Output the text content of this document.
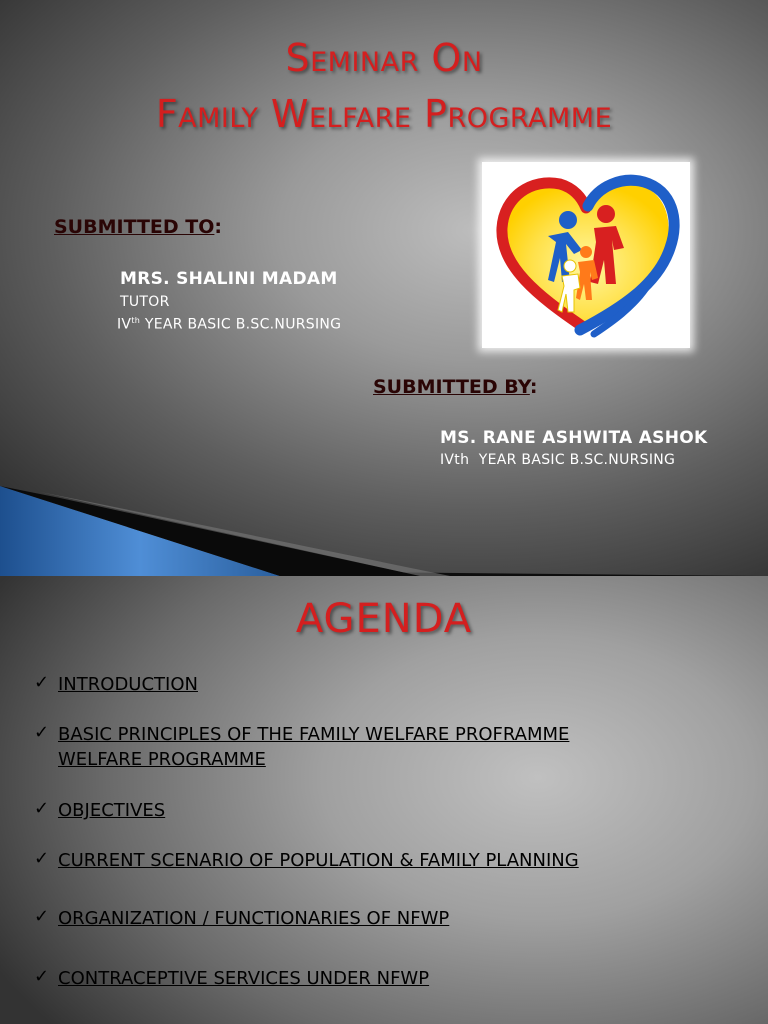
Seminar On
Family Welfare Programme
SUBMITTED TO:
MRS. SHALINI MADAM
TUTOR
IVth YEAR BASIC B.SC.NURSING
SUBMITTED BY:
MS. RANE ASHWITA ASHOK
IVth  YEAR BASIC B.SC.NURSING
AGENDA
✓ INTRODUCTION
✓ BASIC PRINCIPLES OF THE FAMILY WELFARE PROFRAMME
WELFARE PROGRAMME
✓ OBJECTIVES
✓ CURRENT SCENARIO OF POPULATION & FAMILY PLANNING
✓ ORGANIZATION / FUNCTIONARIES OF NFWP
✓ CONTRACEPTIVE SERVICES UNDER NFWP
